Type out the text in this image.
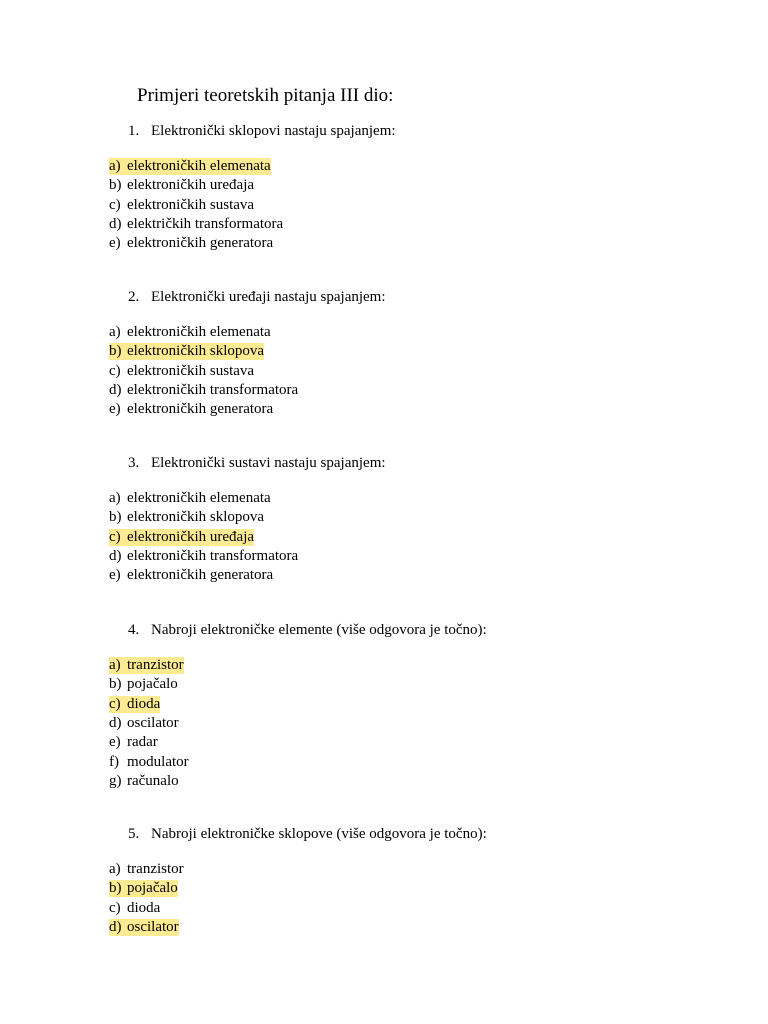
Primjeri teoretskih pitanja III dio:
1. Elektronički sklopovi nastaju spajanjem:
a) elektroničkih elemenata
b) elektroničkih uređaja
c) elektroničkih sustava
d) električkih transformatora
e) elektroničkih generatora
2. Elektronički uređaji nastaju spajanjem:
a) elektroničkih elemenata
b) elektroničkih sklopova
c) elektroničkih sustava
d) elektroničkih transformatora
e) elektroničkih generatora
3. Elektronički sustavi nastaju spajanjem:
a) elektroničkih elemenata
b) elektroničkih sklopova
c) elektroničkih uređaja
d) elektroničkih transformatora
e) elektroničkih generatora
4. Nabroji elektroničke elemente (više odgovora je točno):
a) tranzistor
b) pojačalo
c) dioda
d) oscilator
e) radar
f) modulator
g) računalo
5. Nabroji elektroničke sklopove (više odgovora je točno):
a) tranzistor
b) pojačalo
c) dioda
d) oscilator
